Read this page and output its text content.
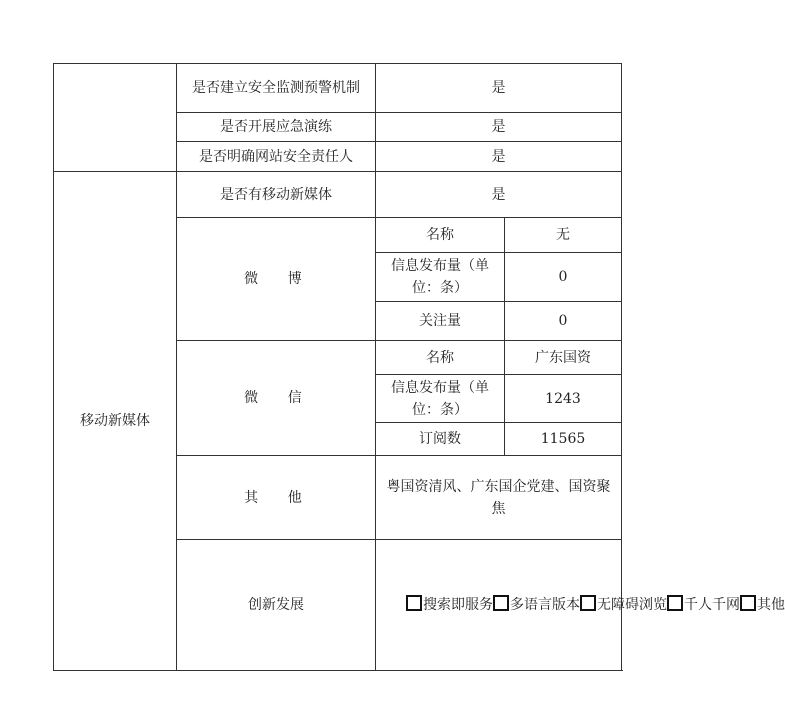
	是否建立安全监测预警机制	是	
	是否开展应急演练	是	
	是否明确网站安全责任人	是	
移动新媒体	是否有移动新媒体	是	
	微 博	名称	无
		信息发布量（单位：条）	0
		关注量	0
	微 信	名称	广东国资
		信息发布量（单位：条）	1243
		订阅数	11565
	其 他	粤国资清风、广东国企党建、国资聚焦	
	创新发展	搜索即服务 多语言版本 无障碍浏览 千人千网 其他	
